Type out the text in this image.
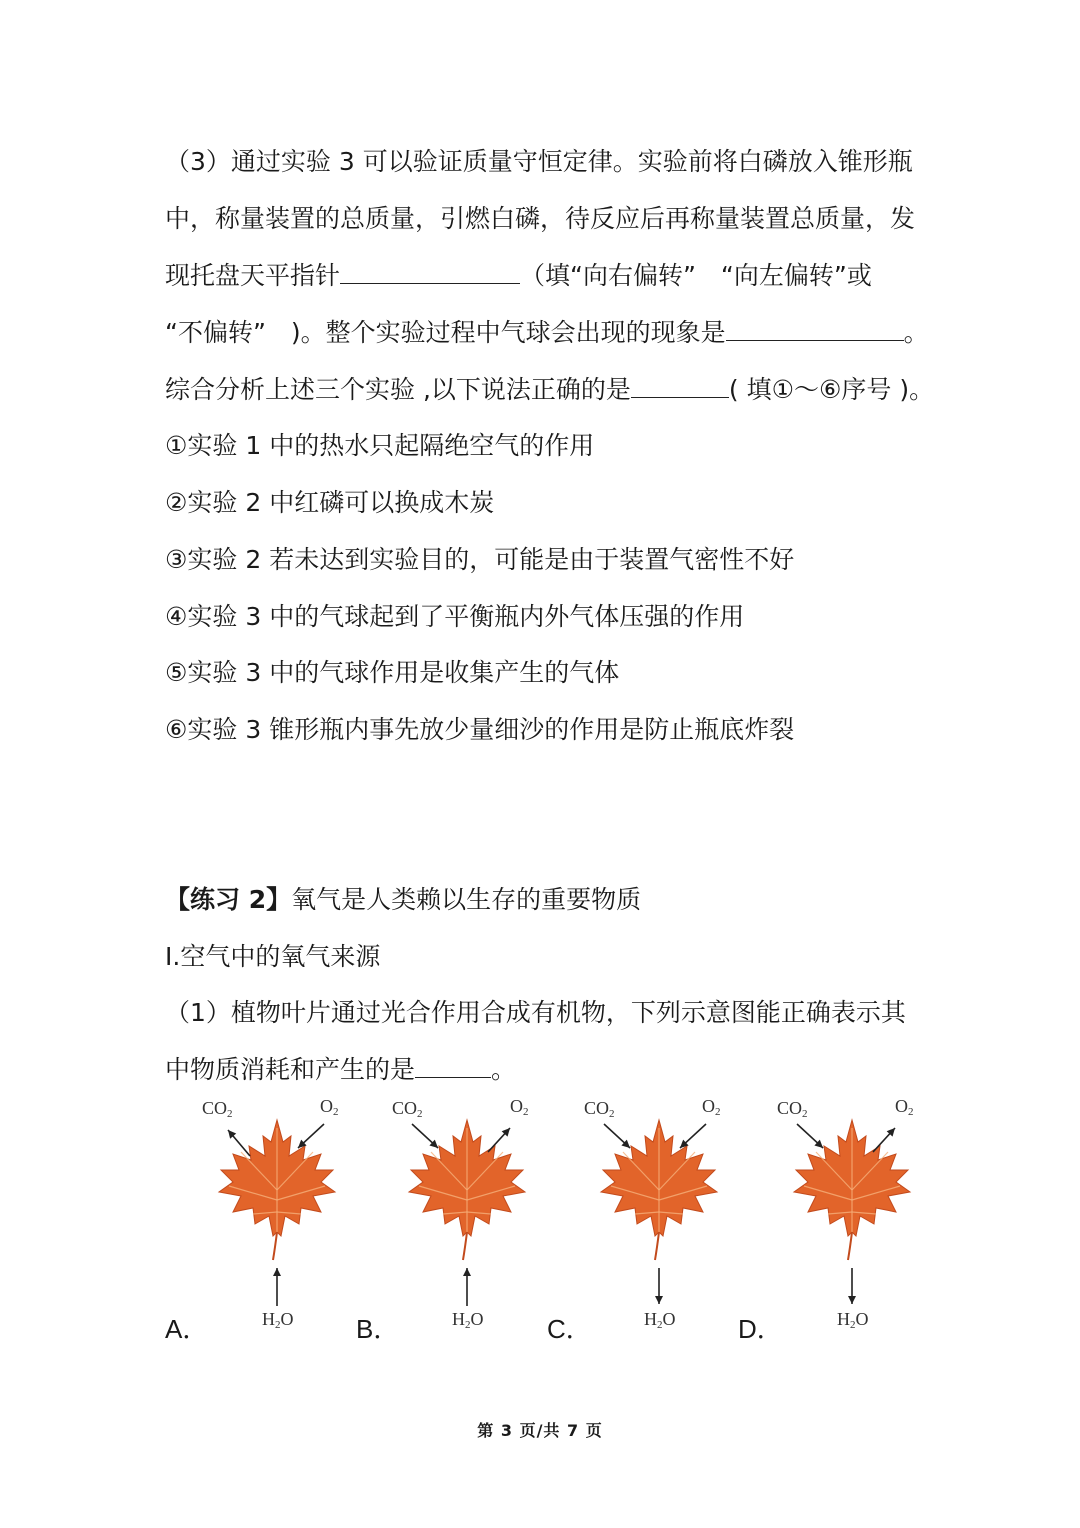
（3）通过实验 3 可以验证质量守恒定律。实验前将白磷放入锥形瓶
中，称量装置的总质量，引燃白磷，待反应后再称量装置总质量，发
现托盘天平指针	（填“向右偏转”　“向左偏转”或
“不偏转”　)。整个实验过程中气球会出现的现象是	。
综合分析上述三个实验 ,以下说法正确的是	( 填①～⑥序号 )。
①实验 1 中的热水只起隔绝空气的作用
②实验 2 中红磷可以换成木炭
③实验 2 若未达到实验目的，可能是由于装置气密性不好
④实验 3 中的气球起到了平衡瓶内外气体压强的作用
⑤实验 3 中的气球作用是收集产生的气体
⑥实验 3 锥形瓶内事先放少量细沙的作用是防止瓶底炸裂
【练习 2】氧气是人类赖以生存的重要物质
Ⅰ.空气中的氧气来源
（1）植物叶片通过光合作用合成有机物，下列示意图能正确表示其
中物质消耗和产生的是	。
A．	B．	C．	D．
$CO_2$	$O_2$
$H_2O$
$CO_2$	$O_2$
$H_2O$
$CO_2$	$O_2$
$H_2O$
$CO_2$	$O_2$
$H_2O$
第 3 页/共 7 页
